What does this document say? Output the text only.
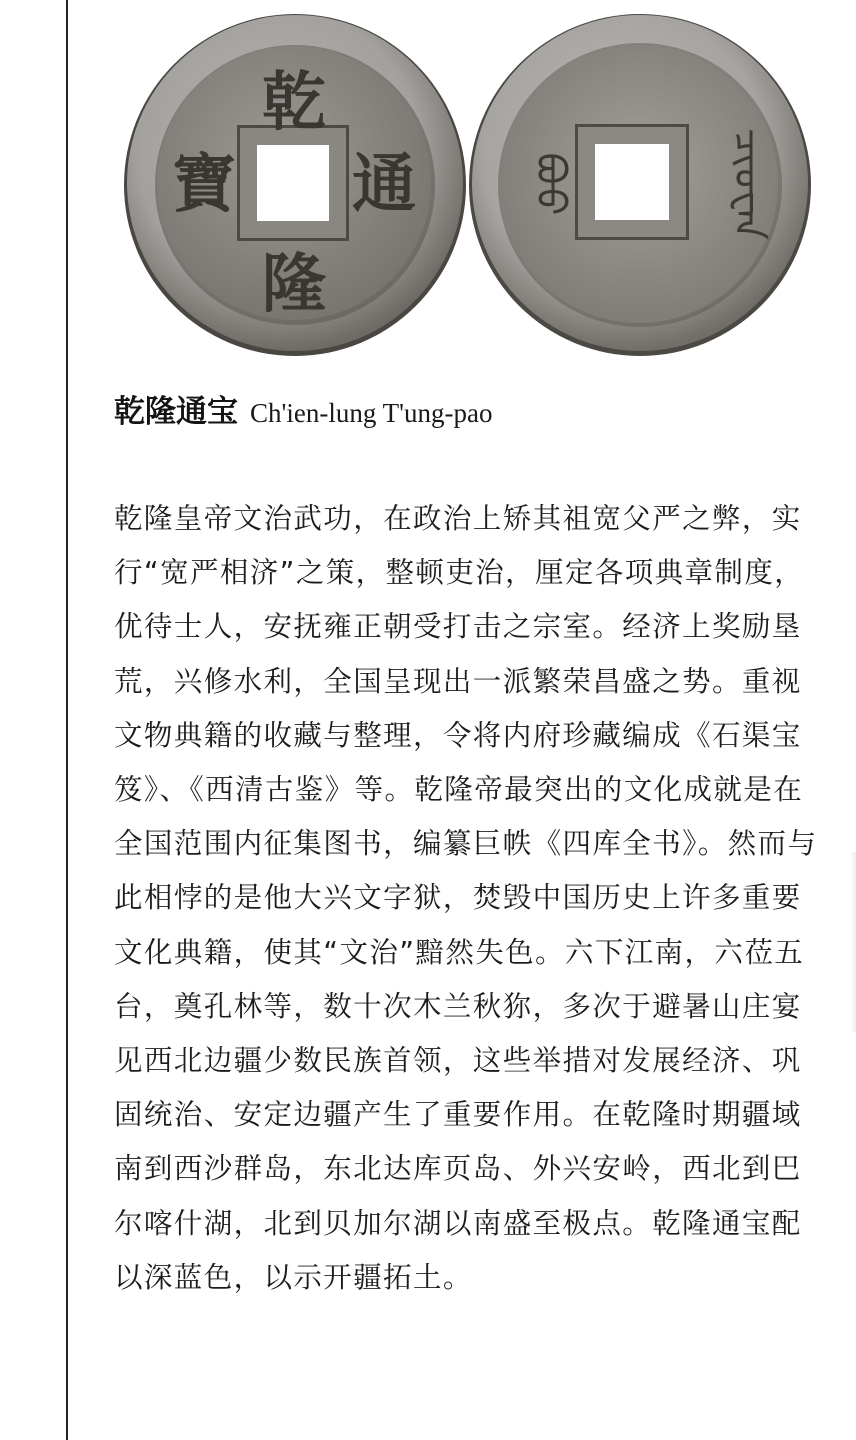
乾
隆
通
寶	ᠪᠣᠣ	ᠴᡳᠣᠸᠠᠨ
乾隆通宝 Ch'ien-lung T'ung-pao

乾隆皇帝文治武功，在政治上矫其祖宽父严之弊，实行“宽严相济”之策，整顿吏治，厘定各项典章制度，优待士人，安抚雍正朝受打击之宗室。经济上奖励垦荒，兴修水利，全国呈现出一派繁荣昌盛之势。重视文物典籍的收藏与整理，令将内府珍藏编成《石渠宝笈》、《西清古鉴》等。乾隆帝最突出的文化成就是在全国范围内征集图书，编纂巨帙《四库全书》。然而与此相悖的是他大兴文字狱，焚毁中国历史上许多重要文化典籍，使其“文治”黯然失色。六下江南，六莅五台，奠孔林等，数十次木兰秋狝，多次于避暑山庄宴见西北边疆少数民族首领，这些举措对发展经济、巩固统治、安定边疆产生了重要作用。在乾隆时期疆域南到西沙群岛，东北达库页岛、外兴安岭，西北到巴尔喀什湖，北到贝加尔湖以南盛至极点。乾隆通宝配以深蓝色，以示开疆拓土。
